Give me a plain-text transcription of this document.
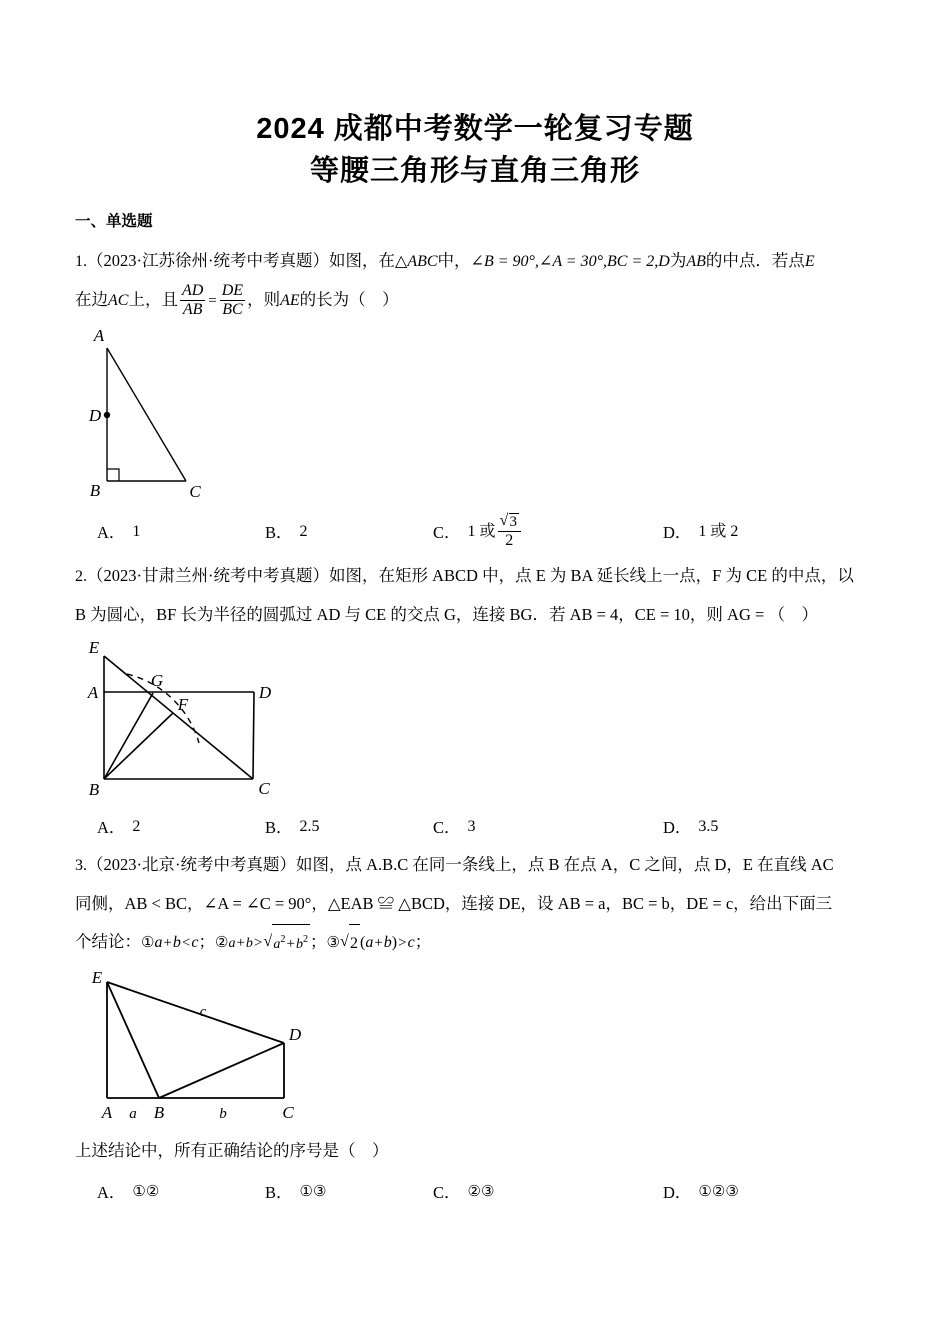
2024 成都中考数学一轮复习专题
等腰三角形与直角三角形
一、单选题
1.（2023·江苏徐州·统考中考真题）如图，在△ABC中，∠B = 90°,∠A = 30°,BC = 2,D为AB的中点．若点E
在边AC上，且 $\frac{AD}{AB} = \frac{DE}{BC}$ ，则AE的长为（　）
A
D
B	C
A． 1	B． 2	C． 1 或 √ $\frac{3}{2}$	D． 1 或 2
2.（2023·甘肃兰州·统考中考真题）如图，在矩形 ABCD 中，点 E 为 BA 延长线上一点，F 为 CE 的中点，以
B 为圆心，BF 长为半径的圆弧过 AD 与 CE 的交点 G，连接 BG．若 AB = 4，CE = 10，则 AG = （　）
E
A	D
B	C
G
F
A． 2	B． 2.5	C． 3	D． 3.5
3.（2023·北京·统考中考真题）如图，点 A.B.C 在同一条线上，点 B 在点 A，C 之间，点 D，E 在直线 AC
同侧，AB < BC，∠A = ∠C = 90°，△EAB ≌ △BCD，连接 DE，设 AB = a，BC = b，DE = c，给出下面三
个结论：①a+b<c；②a+b> √ $a^2+b^2$ ；③ √ 2 (a+b)>c；
E
A B	C
D
a	b
c
上述结论中，所有正确结论的序号是（　）
A． ①②	B． ①③	C． ②③	D． ①②③
